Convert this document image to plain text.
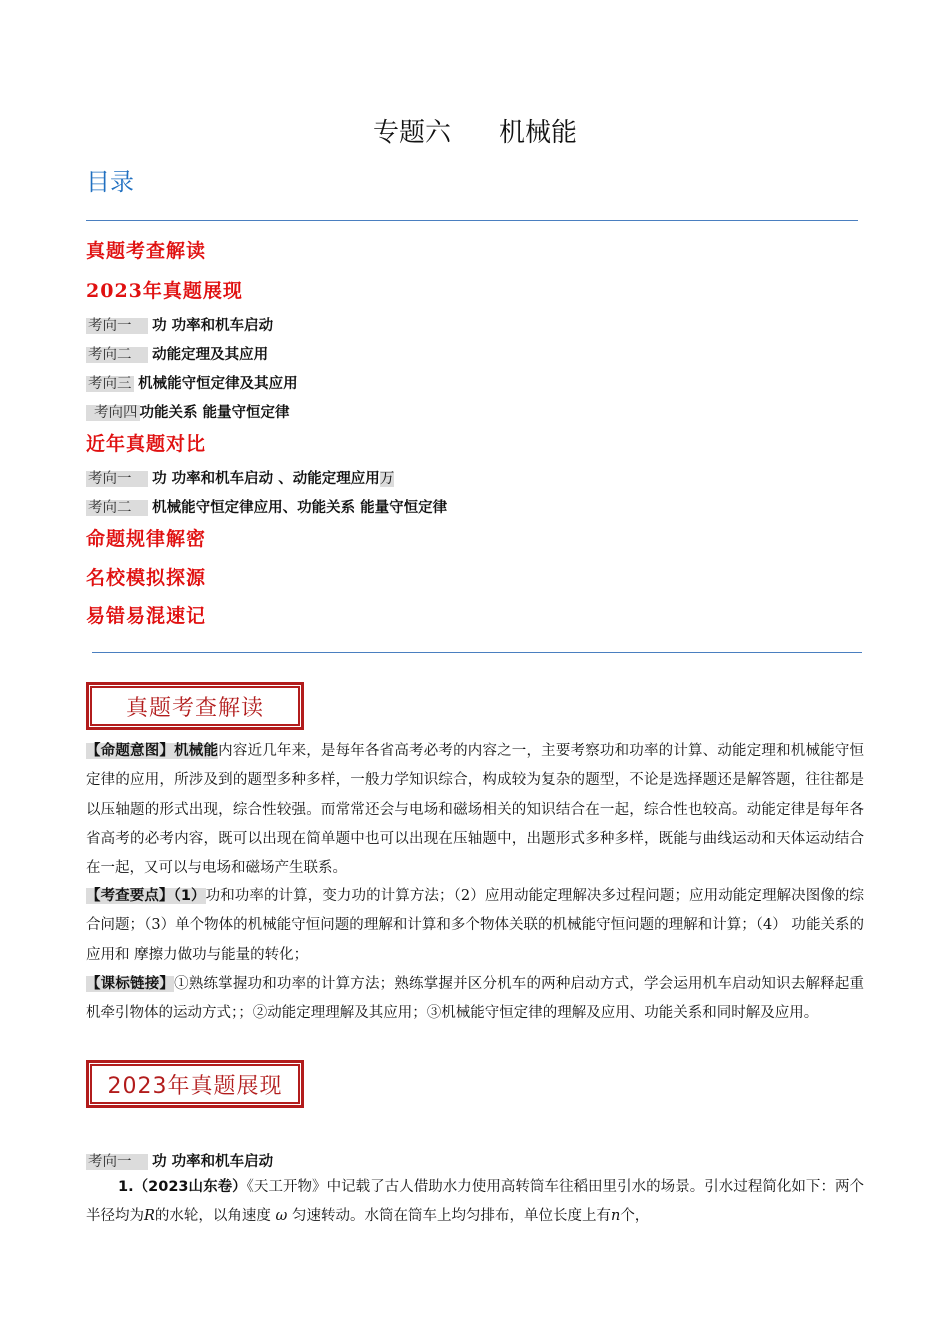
专题六 机械能
目录
真题考查解读
2023年真题展现
考向一 功 功率和机车启动
考向二 动能定理及其应用
考向三 机械能守恒定律及其应用
考向四 功能关系 能量守恒定律
近年真题对比
考向一 功 功率和机车启动 、动能定理应用万
考向二 机械能守恒定律应用、功能关系 能量守恒定律
命题规律解密
名校模拟探源
易错易混速记
真题考查解读
【命题意图】机械能内容近几年来，是每年各省高考必考的内容之一，主要考察功和功率的计算、动能定理和机械能守恒定律的应用，所涉及到的题型多种多样，一般力学知识综合，构成较为复杂的题型，不论是选择题还是解答题，往往都是以压轴题的形式出现，综合性较强。而常常还会与电场和磁场相关的知识结合在一起，综合性也较高。动能定律是每年各省高考的必考内容，既可以出现在简单题中也可以出现在压轴题中，出题形式多种多样，既能与曲线运动和天体运动结合在一起，又可以与电场和磁场产生联系。
【考查要点】（1）功和功率的计算，变力功的计算方法；（2）应用动能定理解决多过程问题；应用动能定理解决图像的综合问题；（3）单个物体的机械能守恒问题的理解和计算和多个物体关联的机械能守恒问题的理解和计算；（4） 功能关系的应用和 摩擦力做功与能量的转化；
【课标链接】①熟练掌握功和功率的计算方法；熟练掌握并区分机车的两种启动方式，学会运用机车启动知识去解释起重机牵引物体的运动方式；；②动能定理理解及其应用；③机械能守恒定律的理解及应用、功能关系和同时解及应用。
2023年真题展现
考向一 功 功率和机车启动
1.（2023山东卷）《天工开物》中记载了古人借助水力使用高转筒车往稻田里引水的场景。引水过程简化如下：两个半径均为R的水轮，以角速度 ω 匀速转动。水筒在筒车上均匀排布，单位长度上有n个，
